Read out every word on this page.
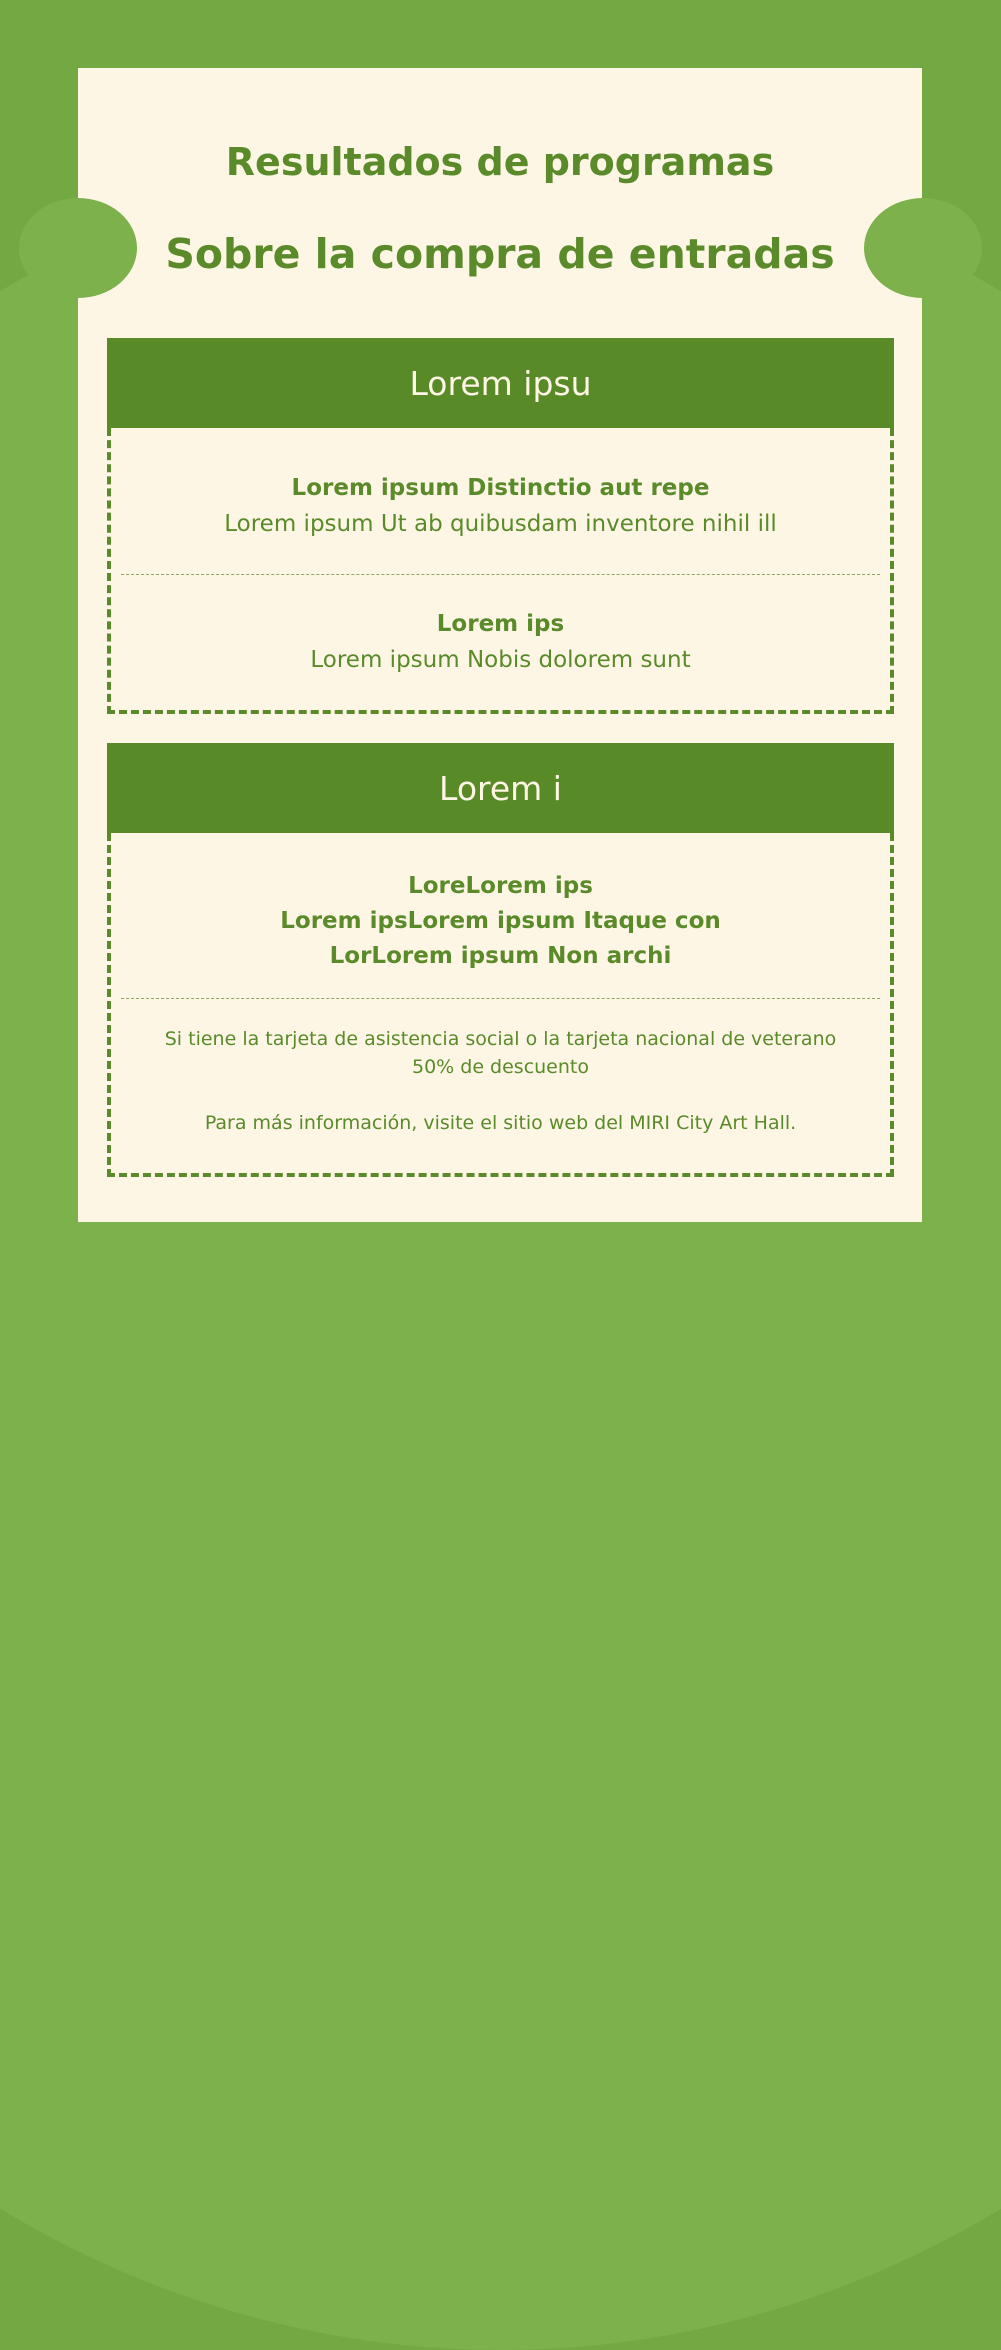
Resultados de programas
Sobre la compra de entradas
Lorem ipsu
Lorem ipsum Distinctio aut repe
Lorem ipsum Ut ab quibusdam inventore nihil ill
Lorem ips
Lorem ipsum Nobis dolorem sunt
Lorem i
LoreLorem ips
Lorem ipsLorem ipsum Itaque con
LorLorem ipsum Non archi
Si tiene la tarjeta de asistencia social o la tarjeta nacional de veterano
50% de descuento
Para más información, visite el sitio web del MIRI City Art Hall.
